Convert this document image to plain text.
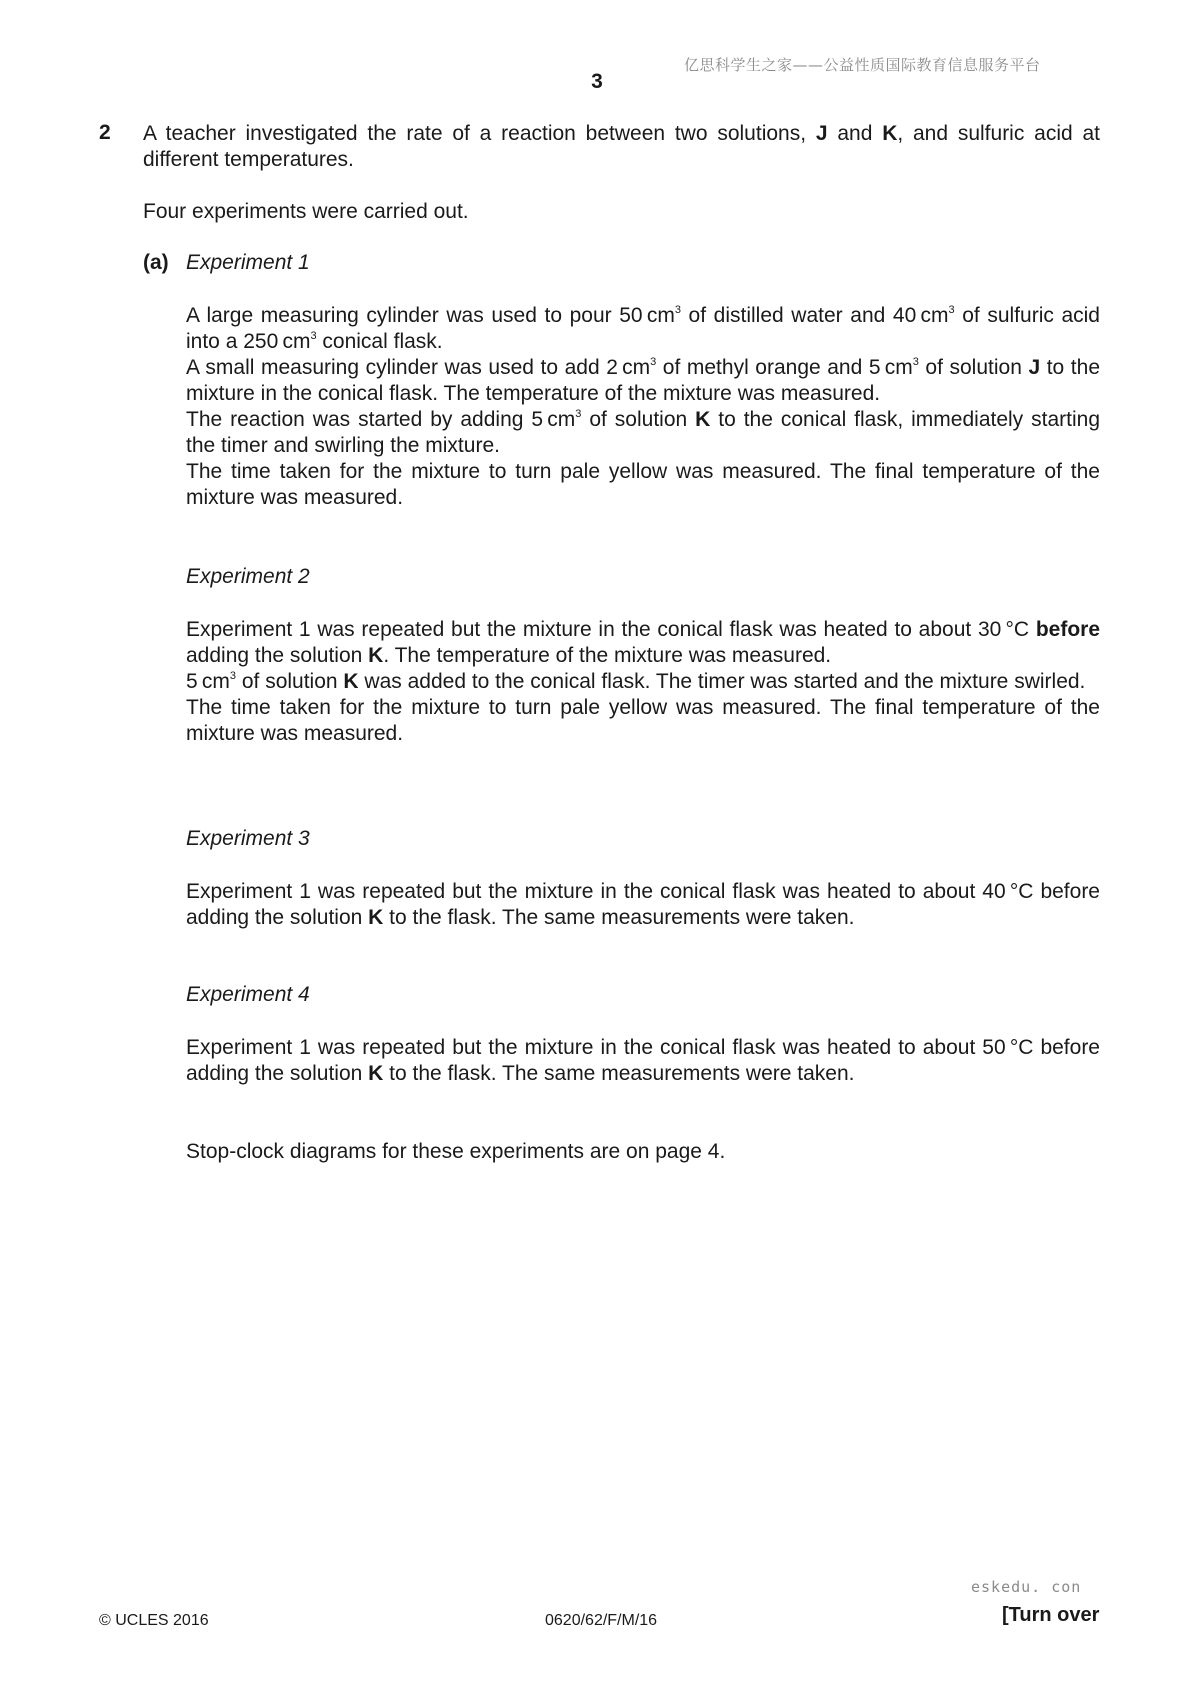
亿思科学生之家——公益性质国际教育信息服务平台
3
2 A teacher investigated the rate of a reaction between two solutions, J and K, and sulfuric acid at different temperatures.
Four experiments were carried out.
(a) Experiment 1

A large measuring cylinder was used to pour 50 $cm^3$ of distilled water and 40 $cm^3$ of sulfuric acid into a 250 $cm^3$ conical flask.

A small measuring cylinder was used to add 2 $cm^3$ of methyl orange and 5 $cm^3$ of solution J to the mixture in the conical flask. The temperature of the mixture was measured.

The reaction was started by adding 5 $cm^3$ of solution K to the conical flask, immediately starting the timer and swirling the mixture.

The time taken for the mixture to turn pale yellow was measured. The final temperature of the mixture was measured.

Experiment 2

Experiment 1 was repeated but the mixture in the conical flask was heated to about 30 °C before adding the solution K. The temperature of the mixture was measured.

5 $cm^3$ of solution K was added to the conical flask. The timer was started and the mixture swirled.

The time taken for the mixture to turn pale yellow was measured. The final temperature of the mixture was measured.

Experiment 3

Experiment 1 was repeated but the mixture in the conical flask was heated to about 40 °C before adding the solution K to the flask. The same measurements were taken.

Experiment 4

Experiment 1 was repeated but the mixture in the conical flask was heated to about 50 °C before adding the solution K to the flask. The same measurements were taken.

Stop-clock diagrams for these experiments are on page 4.
eskedu. con
© UCLES 2016	0620/62/F/M/16	[Turn over
